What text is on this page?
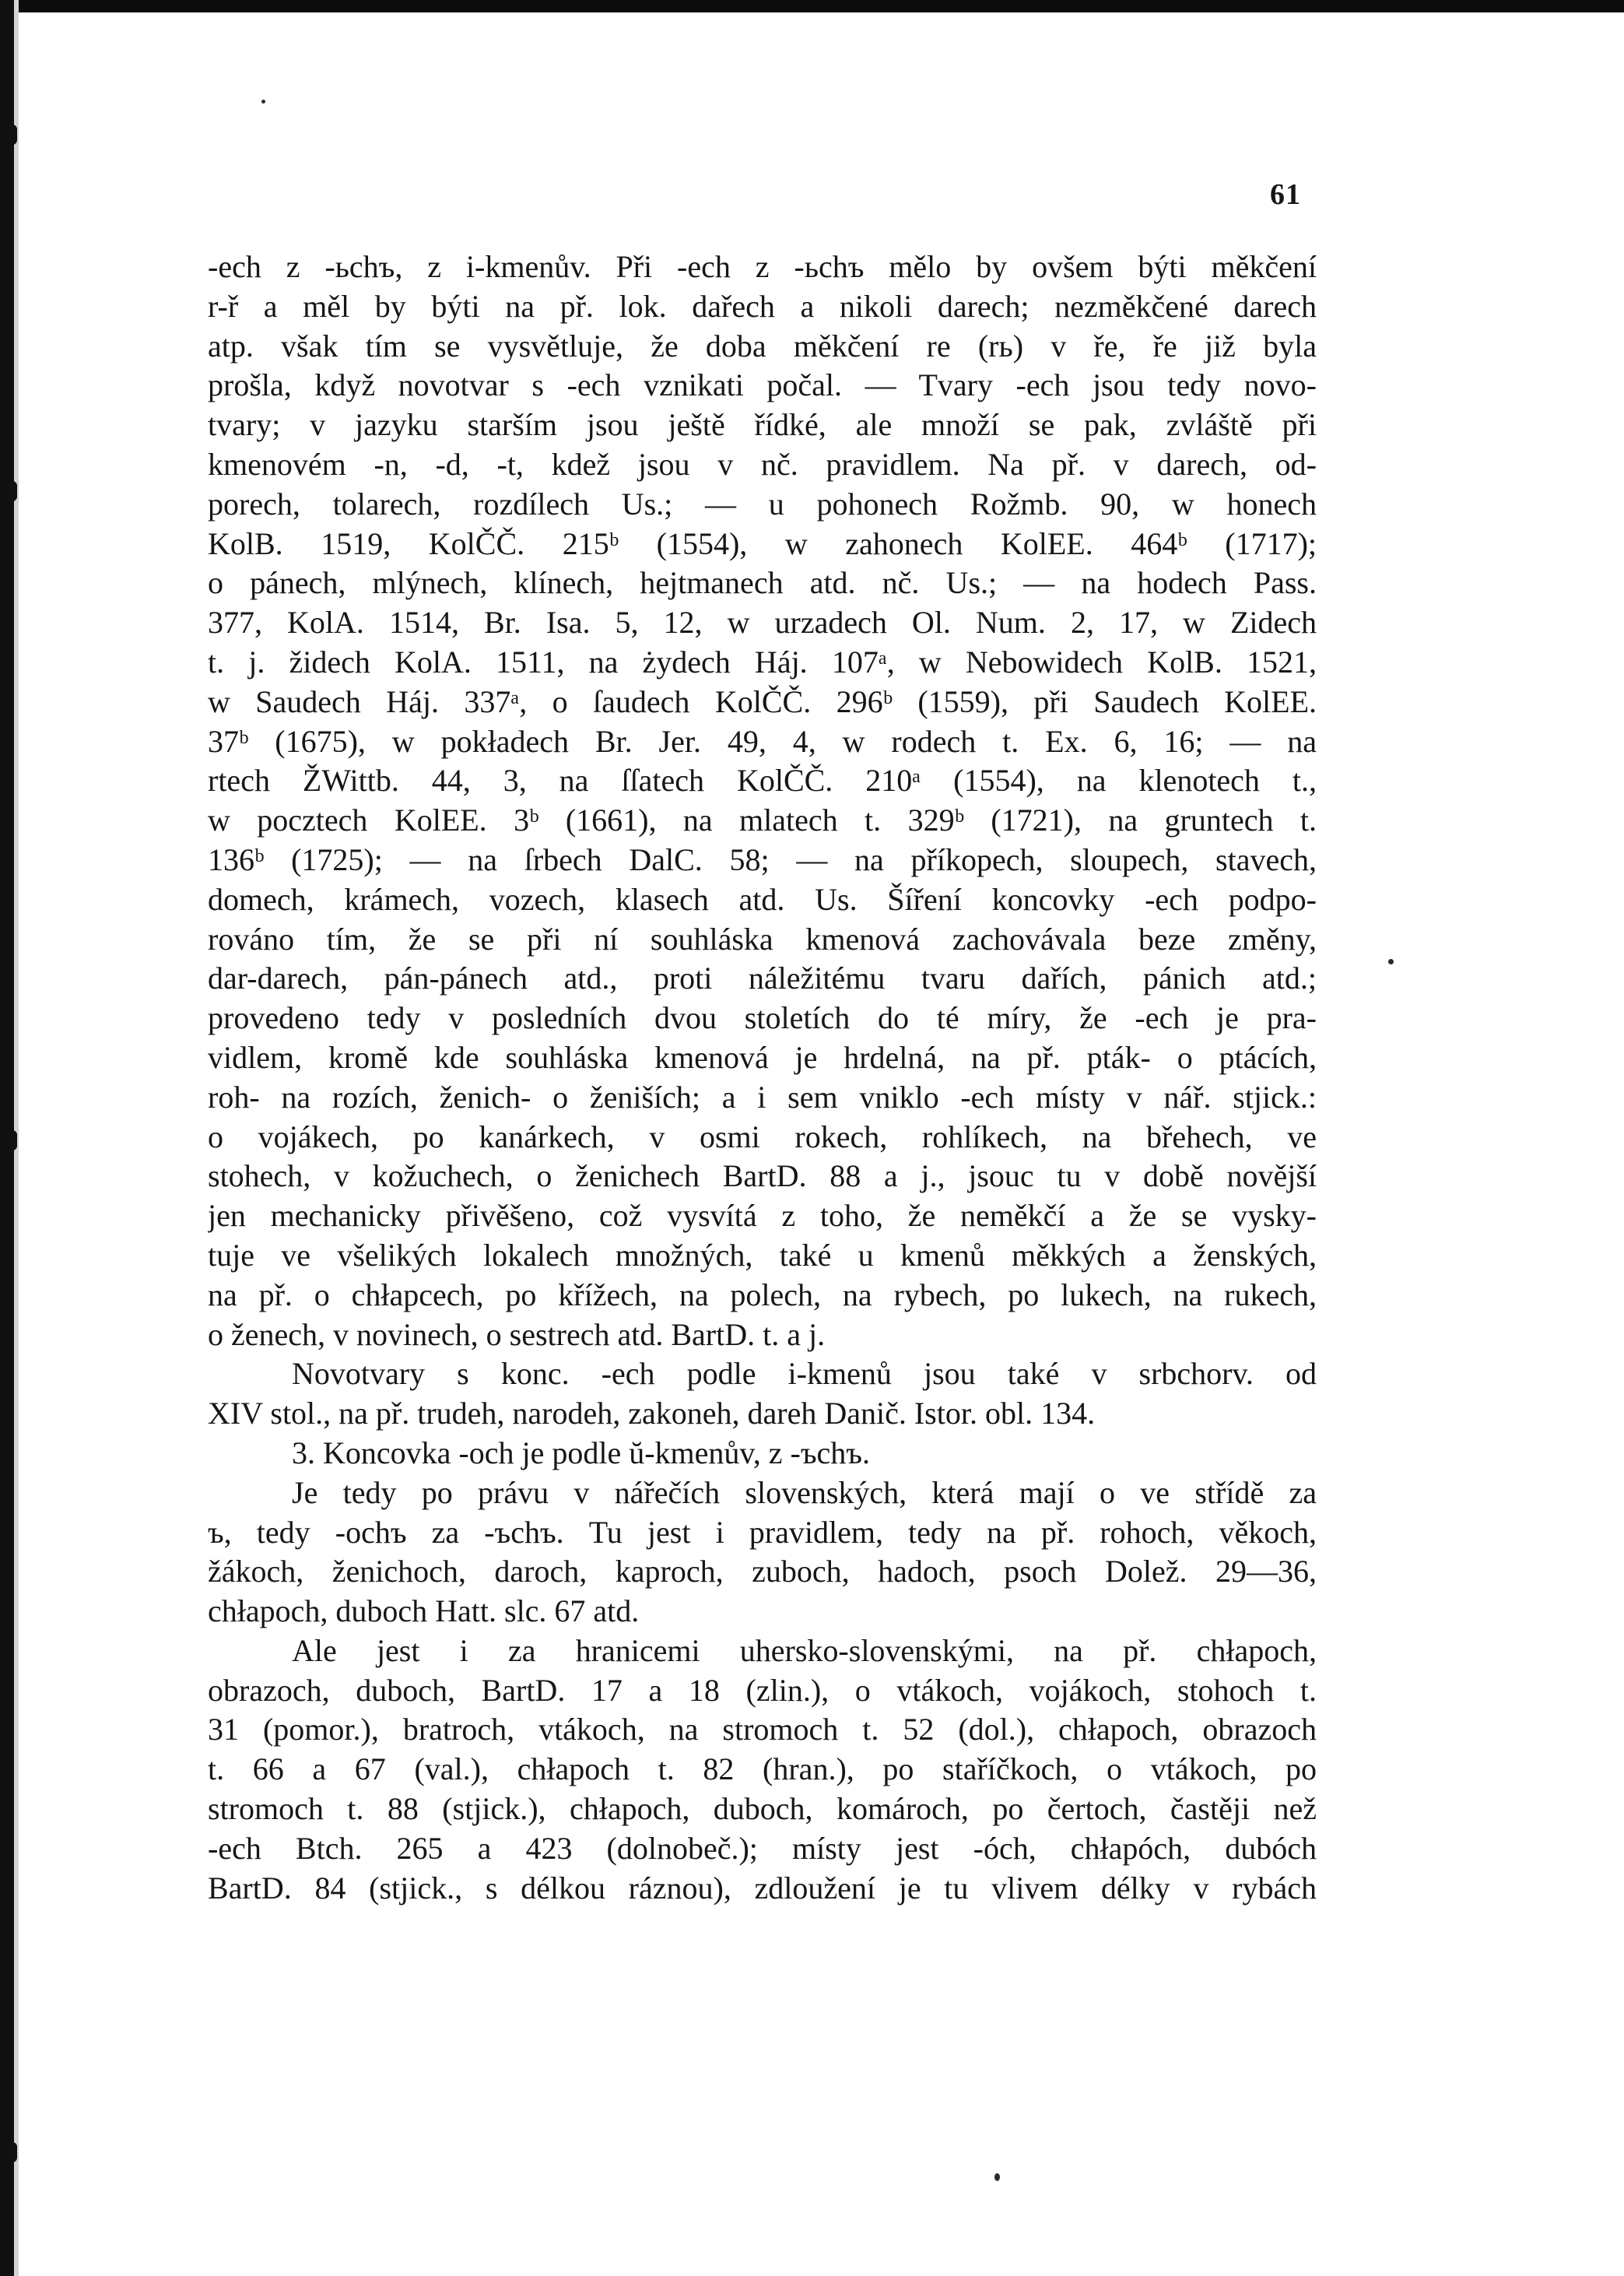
61
-ech z -ьchъ, z i-kmenův. Při -ech z -ьchъ mělo by ovšem býti měkčení
r-ř a měl by býti na př. lok. dařech a nikoli darech; nezměkčené darech
atp. však tím se vysvětluje, že doba měkčení re (rь) v ře, ře již byla
prošla, když novotvar s -ech vznikati počal. — Tvary -ech jsou tedy novo-
tvary; v jazyku starším jsou ještě řídké, ale množí se pak, zvláště při
kmenovém -n, -d, -t, kdež jsou v nč. pravidlem. Na př. v darech, od-
porech, tolarech, rozdílech Us.; — u pohonech Rožmb. 90, w honech
KolB. 1519, KolČČ. 215ᵇ (1554), w zahonech KolEE. 464ᵇ (1717);
o pánech, mlýnech, klínech, hejtmanech atd. nč. Us.; — na hodech Pass.
377, KolA. 1514, Br. Isa. 5, 12, w urzadech Ol. Num. 2, 17, w Zidech
t. j. židech KolA. 1511, na żydech Háj. 107ᵃ, w Nebowidech KolB. 1521,
w Saudech Háj. 337ᵃ, o ſaudech KolČČ. 296ᵇ (1559), při Saudech KolEE.
37ᵇ (1675), w pokładech Br. Jer. 49, 4, w rodech t. Ex. 6, 16; — na
rtech ŽWittb. 44, 3, na ſſatech KolČČ. 210ᵃ (1554), na klenotech t.,
w pocztech KolEE. 3ᵇ (1661), na mlatech t. 329ᵇ (1721), na gruntech t.
136ᵇ (1725); — na ſrbech DalC. 58; — na příkopech, sloupech, stavech,
domech, krámech, vozech, klasech atd. Us. Šíření koncovky -ech podpo-
rováno tím, že se při ní souhláska kmenová zachovávala beze změny,
dar-darech, pán-pánech atd., proti náležitému tvaru dařích, pánich atd.;
provedeno tedy v posledních dvou stoletích do té míry, že -ech je pra-
vidlem, kromě kde souhláska kmenová je hrdelná, na př. pták- o ptácích,
roh- na rozích, ženich- o ženiších; a i sem vniklo -ech místy v nář. stjick.:
o vojákech, po kanárkech, v osmi rokech, rohlíkech, na břehech, ve
stohech, v kožuchech, o ženichech BartD. 88 a j., jsouc tu v době novější
jen mechanicky přivěšeno, což vysvítá z toho, že neměkčí a že se vysky-
tuje ve všelikých lokalech množných, také u kmenů měkkých a ženských,
na př. o chłapcech, po křížech, na polech, na rybech, po lukech, na rukech,
o ženech, v novinech, o sestrech atd. BartD. t. a j.
Novotvary s konc. -ech podle i-kmenů jsou také v srbchorv. od
XIV stol., na př. trudeh, narodeh, zakoneh, dareh Danič. Istor. obl. 134.
3. Koncovka -och je podle ŭ-kmenův, z -ъchъ.
Je tedy po právu v nářečích slovenských, která mají o ve střídě za
ъ, tedy -ochъ za -ъchъ. Tu jest i pravidlem, tedy na př. rohoch, věkoch,
žákoch, ženichoch, daroch, kaproch, zuboch, hadoch, psoch Dolež. 29—36,
chłapoch, duboch Hatt. slc. 67 atd.
Ale jest i za hranicemi uhersko-slovenskými, na př. chłapoch,
obrazoch, duboch, BartD. 17 a 18 (zlin.), o vtákoch, vojákoch, stohoch t.
31 (pomor.), bratroch, vtákoch, na stromoch t. 52 (dol.), chłapoch, obrazoch
t. 66 a 67 (val.), chłapoch t. 82 (hran.), po staříčkoch, o vtákoch, po
stromoch t. 88 (stjick.), chłapoch, duboch, komároch, po čertoch, častěji než
-ech Btch. 265 a 423 (dolnobeč.); místy jest -óch, chłapóch, dubóch
BartD. 84 (stjick., s délkou ráznou), zdloužení je tu vlivem délky v rybách
